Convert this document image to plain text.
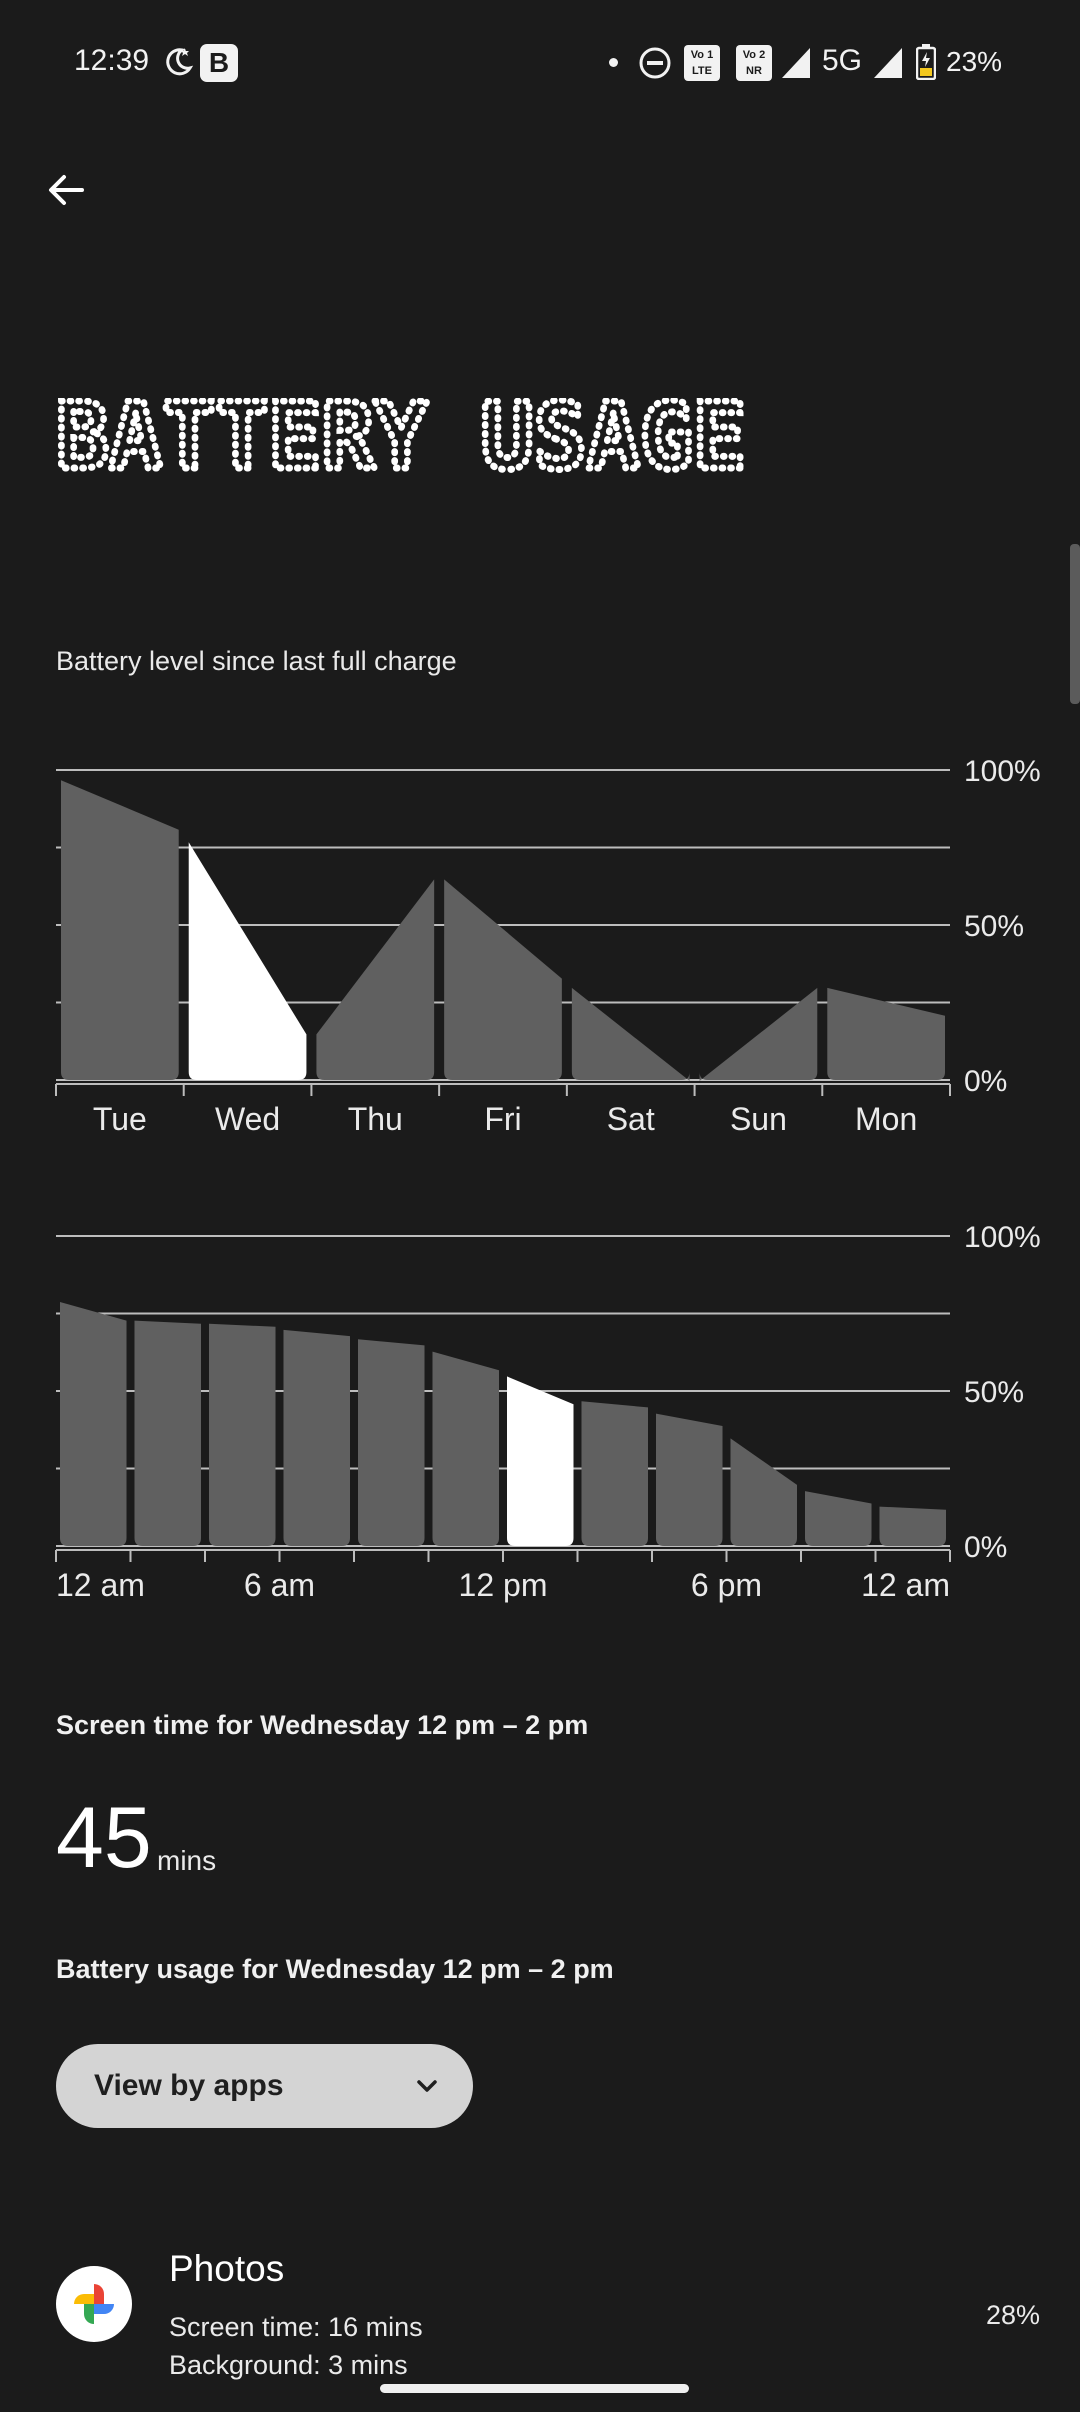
12:39	B	Vo 1 LTE
Vo 2 NR	5G	23%
BATTERY USAGE
Battery level since last full charge
100%
50%
0%
Tue Wed Thu	Fri	Sat Sun Mon
100%
50%
0%
12 am	6 am	12 pm	6 pm	12 am
Screen time for Wednesday 12 pm – 2 pm
45 mins
Battery usage for Wednesday 12 pm – 2 pm
View by apps
Photos
Screen time: 16 mins
Background: 3 mins
28%
